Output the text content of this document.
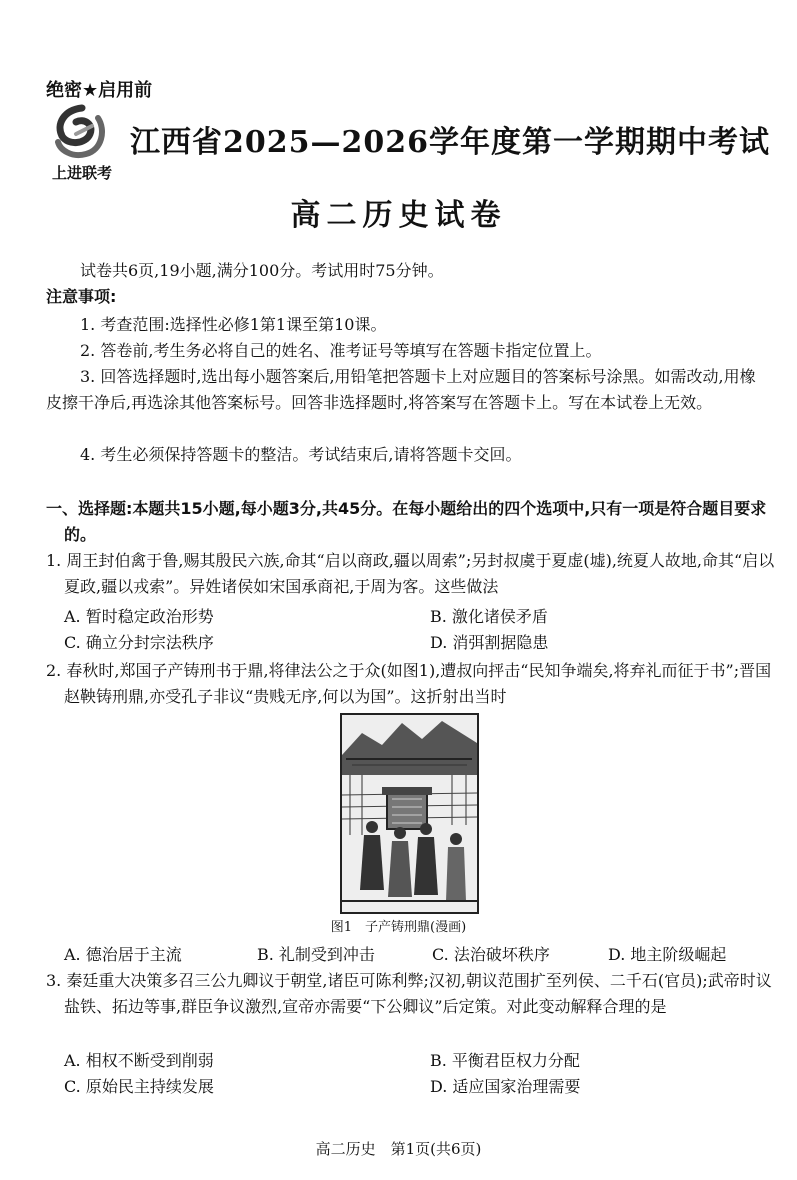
绝密★启用前
上进联考
江西省2025—2026学年度第一学期期中考试
高二历史试卷
试卷共6页,19小题,满分100分。考试用时75分钟。
注意事项:
1. 考查范围:选择性必修1第1课至第10课。
2. 答卷前,考生务必将自己的姓名、准考证号等填写在答题卡指定位置上。
3. 回答选择题时,选出每小题答案后,用铅笔把答题卡上对应题目的答案标号涂黑。如需改动,用橡皮擦干净后,再选涂其他答案标号。回答非选择题时,将答案写在答题卡上。写在本试卷上无效。
4. 考生必须保持答题卡的整洁。考试结束后,请将答题卡交回。
一、选择题:本题共15小题,每小题3分,共45分。在每小题给出的四个选项中,只有一项是符合题目要求的。
1. 周王封伯禽于鲁,赐其殷民六族,命其“启以商政,疆以周索”;另封叔虞于夏虚(墟),统夏人故地,命其“启以夏政,疆以戎索”。异姓诸侯如宋国承商祀,于周为客。这些做法
A. 暂时稳定政治形势	B. 激化诸侯矛盾
C. 确立分封宗法秩序	D. 消弭割据隐患
2. 春秋时,郑国子产铸刑书于鼎,将律法公之于众(如图1),遭叔向抨击“民知争端矣,将弃礼而征于书”;晋国赵鞅铸刑鼎,亦受孔子非议“贵贱无序,何以为国”。这折射出当时
图1　子产铸刑鼎(漫画)
A. 德治居于主流	B. 礼制受到冲击	C. 法治破坏秩序	D. 地主阶级崛起
3. 秦廷重大决策多召三公九卿议于朝堂,诸臣可陈利弊;汉初,朝议范围扩至列侯、二千石(官员);武帝时议盐铁、拓边等事,群臣争议激烈,宣帝亦需要“下公卿议”后定策。对此变动解释合理的是
A. 相权不断受到削弱	B. 平衡君臣权力分配
C. 原始民主持续发展	D. 适应国家治理需要
高二历史　第1页(共6页)
